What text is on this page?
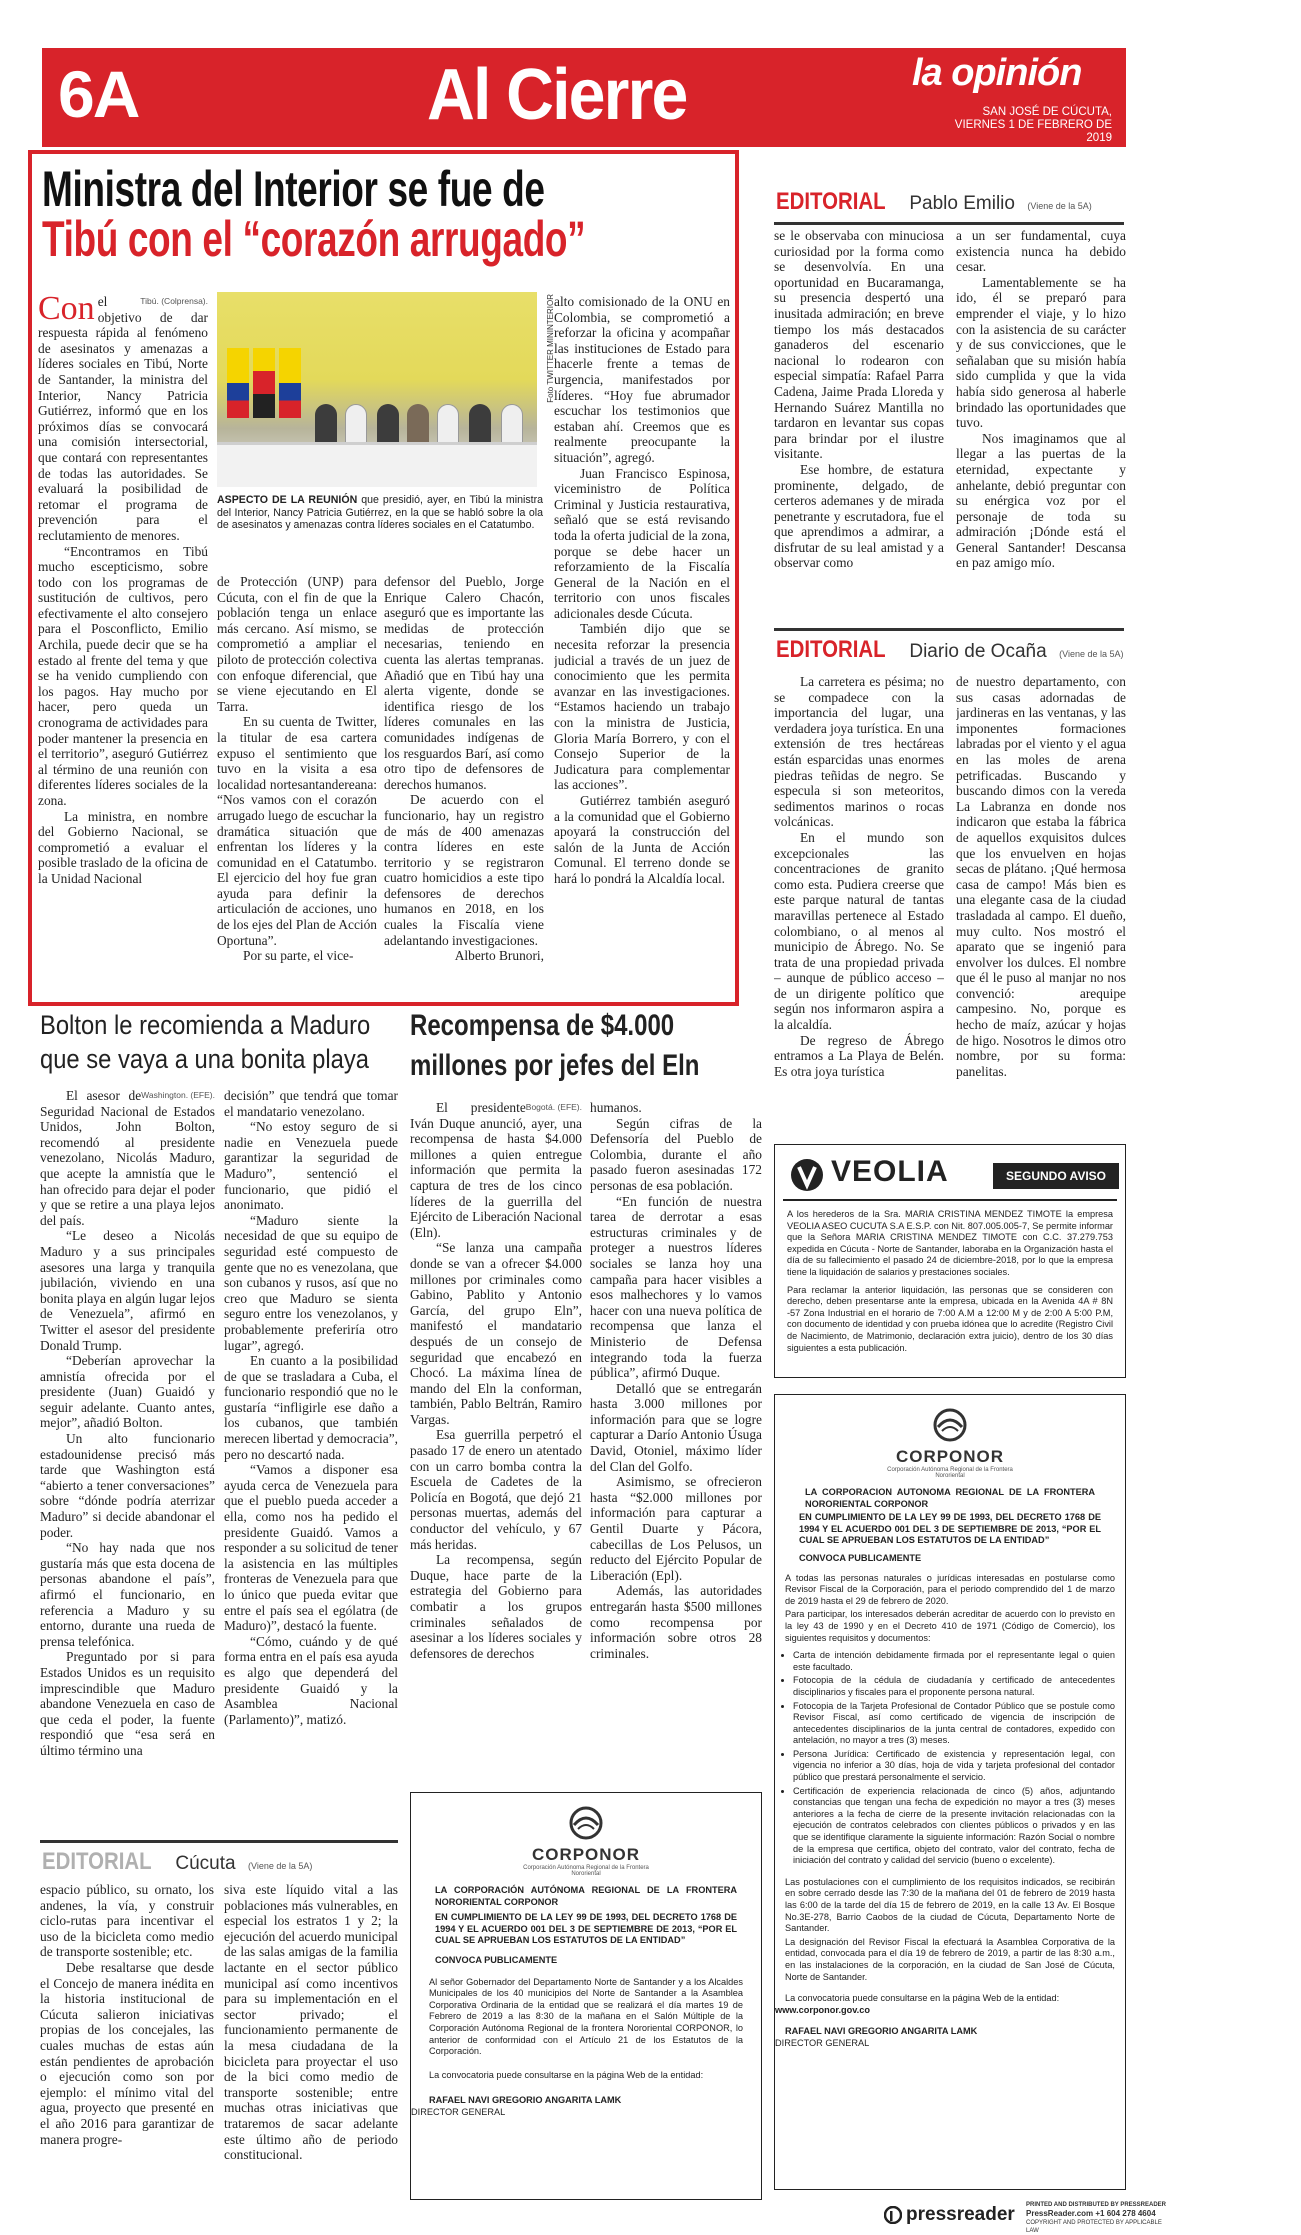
6A	Al Cierre	la opinión
SAN JOSÉ DE CÚCUTA,
VIERNES 1 DE FEBRERO DE 2019
Ministra del Interior se fue de
Tibú con el “corazón arrugado”
Tibú. (Colprensa).

Con el objetivo de dar respuesta rápida al fenómeno de asesinatos y amenazas a líderes sociales en Tibú, Norte de Santander, la ministra del Interior, Nancy Patricia Gutiérrez, informó que en los próximos días se convocará una comisión intersectorial, que contará con representantes de todas las autoridades. Se evaluará la posibilidad de retomar el programa de prevención para el reclutamiento de menores.

“Encontramos en Tibú mucho escepticismo, sobre todo con los programas de sustitución de cultivos, pero efectivamente el alto consejero para el Posconflicto, Emilio Archila, puede decir que se ha estado al frente del tema y que se ha venido cumpliendo con los pagos. Hay mucho por hacer, pero queda un cronograma de actividades para poder mantener la presencia en el territorio”, aseguró Gutiérrez al término de una reunión con diferentes líderes sociales de la zona.

La ministra, en nombre del Gobierno Nacional, se comprometió a evaluar el posible traslado de la oficina de la Unidad Nacional

Foto TWITTER MININTERIOR
ASPECTO DE LA REUNIÓN que presidió, ayer, en Tibú la ministra del Interior, Nancy Patricia Gutiérrez, en la que se habló sobre la ola de asesinatos y amenazas contra líderes sociales en el Catatumbo.

de Protección (UNP) para Cúcuta, con el fin de que la población tenga un enlace más cercano. Así mismo, se comprometió a ampliar el piloto de protección colectiva con enfoque diferencial, que se viene ejecutando en El Tarra.

En su cuenta de Twitter, la titular de esa cartera expuso el sentimiento que tuvo en la visita a esa localidad nortesantandereana: “Nos vamos con el corazón arrugado luego de escuchar la dramática situación que enfrentan los líderes y la comunidad en el Catatumbo. El ejercicio del hoy fue gran ayuda para definir la articulación de acciones, uno de los ejes del Plan de Acción Oportuna”.

Por su parte, el vice-

defensor del Pueblo, Jorge Enrique Calero Chacón, aseguró que es importante las medidas de protección necesarias, teniendo en cuenta las alertas tempranas. Añadió que en Tibú hay una alerta vigente, donde se identifica riesgo de los líderes comunales en las comunidades indígenas de los resguardos Barí, así como otro tipo de defensores de derechos humanos.

De acuerdo con el funcionario, hay un registro de más de 400 amenazas contra líderes en este territorio y se registraron cuatro homicidios a este tipo defensores de derechos humanos en 2018, en los cuales la Fiscalía viene adelantando investigaciones.

Alberto Brunori,

alto comisionado de la ONU en Colombia, se comprometió a reforzar la oficina y acompañar las instituciones de Estado para hacerle frente a temas de urgencia, manifestados por líderes. “Hoy fue abrumador escuchar los testimonios que estaban ahí. Creemos que es realmente preocupante la situación”, agregó.

Juan Francisco Espinosa, viceministro de Política Criminal y Justicia restaurativa, señaló que se está revisando toda la oferta judicial de la zona, porque se debe hacer un reforzamiento de la Fiscalía General de la Nación en el territorio con unos fiscales adicionales desde Cúcuta.

También dijo que se necesita reforzar la presencia judicial a través de un juez de conocimiento que les permita avanzar en las investigaciones. “Estamos haciendo un trabajo con la ministra de Justicia, Gloria María Borrero, y con el Consejo Superior de la Judicatura para complementar las acciones”.

Gutiérrez también aseguró a la comunidad que el Gobierno apoyará la construcción del salón de la Junta de Acción Comunal. El terreno donde se hará lo pondrá la Alcaldía local.

EDITORIAL Pablo Emilio (Viene de la 5A)

se le observaba con minuciosa curiosidad por la forma como se desenvolvía. En una oportunidad en Bucaramanga, su presencia despertó una inusitada admiración; en breve tiempo los más destacados ganaderos del escenario nacional lo rodearon con especial simpatía: Rafael Parra Cadena, Jaime Prada Lloreda y Hernando Suárez Mantilla no tardaron en levantar sus copas para brindar por el ilustre visitante.

Ese hombre, de estatura prominente, delgado, de certeros ademanes y de mirada penetrante y escrutadora, fue el que aprendimos a admirar, a disfrutar de su leal amistad y a observar como

a un ser fundamental, cuya existencia nunca ha debido cesar.

Lamentablemente se ha ido, él se preparó para emprender el viaje, y lo hizo con la asistencia de su carácter y de sus convicciones, que le señalaban que su misión había sido cumplida y que la vida había sido generosa al haberle brindado las oportunidades que tuvo.

Nos imaginamos que al llegar a las puertas de la eternidad, expectante y anhelante, debió preguntar con su enérgica voz por el personaje de toda su admiración ¡Dónde está el General Santander! Descansa en paz amigo mío.

EDITORIAL Diario de Ocaña (Viene de la 5A)

La carretera es pésima; no se compadece con la importancia del lugar, una verdadera joya turística. En una extensión de tres hectáreas están esparcidas unas enormes piedras teñidas de negro. Se especula si son meteoritos, sedimentos marinos o rocas volcánicas.

En el mundo son excepcionales las concentraciones de granito como esta. Pudiera creerse que este parque natural de tantas maravillas pertenece al Estado colombiano, o al menos al municipio de Ábrego. No. Se trata de una propiedad privada – aunque de público acceso – de un dirigente político que según nos informaron aspira a la alcaldía.

De regreso de Ábrego entramos a La Playa de Belén. Es otra joya turística

de nuestro departamento, con sus casas adornadas de jardineras en las ventanas, y las imponentes formaciones labradas por el viento y el agua en las moles de arena petrificadas. Buscando y buscando dimos con la vereda La Labranza en donde nos indicaron que estaba la fábrica de aquellos exquisitos dulces que los envuelven en hojas secas de plátano. ¡Qué hermosa casa de campo! Más bien es una elegante casa de la ciudad trasladada al campo. El dueño, muy culto. Nos mostró el aparato que se ingenió para envolver los dulces. El nombre que él le puso al manjar no nos convenció: arequipe campesino. No, porque es hecho de maíz, azúcar y hojas de higo. Nosotros le dimos otro nombre, por su forma: panelitas.

Bolton le recomienda a Maduro
que se vaya a una bonita playa
Washington. (EFE).

El asesor de Seguridad Nacional de Estados Unidos, John Bolton, recomendó al presidente venezolano, Nicolás Maduro, que acepte la amnistía que le han ofrecido para dejar el poder y que se retire a una playa lejos del país.

“Le deseo a Nicolás Maduro y a sus principales asesores una larga y tranquila jubilación, viviendo en una bonita playa en algún lugar lejos de Venezuela”, afirmó en Twitter el asesor del presidente Donald Trump.

“Deberían aprovechar la amnistía ofrecida por el presidente (Juan) Guaidó y seguir adelante. Cuanto antes, mejor”, añadió Bolton.

Un alto funcionario estadounidense precisó más tarde que Washington está “abierto a tener conversaciones” sobre “dónde podría aterrizar Maduro” si decide abandonar el poder.

“No hay nada que nos gustaría más que esta docena de personas abandone el país”, afirmó el funcionario, en referencia a Maduro y su entorno, durante una rueda de prensa telefónica.

Preguntado por si para Estados Unidos es un requisito imprescindible que Maduro abandone Venezuela en caso de que ceda el poder, la fuente respondió que “esa será en último término una

decisión” que tendrá que tomar el mandatario venezolano.

“No estoy seguro de si nadie en Venezuela puede garantizar la seguridad de Maduro”, sentenció el funcionario, que pidió el anonimato.

“Maduro siente la necesidad de que su equipo de seguridad esté compuesto de gente que no es venezolana, que son cubanos y rusos, así que no creo que Maduro se sienta seguro entre los venezolanos, y probablemente preferiría otro lugar”, agregó.

En cuanto a la posibilidad de que se trasladara a Cuba, el funcionario respondió que no le gustaría “infligirle ese daño a los cubanos, que también merecen libertad y democracia”, pero no descartó nada.

“Vamos a disponer esa ayuda cerca de Venezuela para que el pueblo pueda acceder a ella, como nos ha pedido el presidente Guaidó. Vamos a responder a su solicitud de tener la asistencia en las múltiples fronteras de Venezuela para que lo único que pueda evitar que entre el país sea el ególatra (de Maduro)”, destacó la fuente.

“Cómo, cuándo y de qué forma entra en el país esa ayuda es algo que dependerá del presidente Guaidó y la Asamblea Nacional (Parlamento)”, matizó.

Recompensa de $4.000
millones por jefes del Eln
Bogotá. (EFE).

El presidente Iván Duque anunció, ayer, una recompensa de hasta $4.000 millones a quien entregue información que permita la captura de tres de los cinco líderes de la guerrilla del Ejército de Liberación Nacional (Eln).

“Se lanza una campaña donde se van a ofrecer $4.000 millones por criminales como Gabino, Pablito y Antonio García, del grupo Eln”, manifestó el mandatario después de un consejo de seguridad que encabezó en Chocó. La máxima línea de mando del Eln la conforman, también, Pablo Beltrán, Ramiro Vargas.

Esa guerrilla perpetró el pasado 17 de enero un atentado con un carro bomba contra la Escuela de Cadetes de la Policía en Bogotá, que dejó 21 personas muertas, además del conductor del vehículo, y 67 más heridas.

La recompensa, según Duque, hace parte de la estrategia del Gobierno para combatir a los grupos criminales señalados de asesinar a los líderes sociales y defensores de derechos

humanos.

Según cifras de la Defensoría del Pueblo de Colombia, durante el año pasado fueron asesinadas 172 personas de esa población.

“En función de nuestra tarea de derrotar a esas estructuras criminales y de proteger a nuestros líderes sociales se lanza hoy una campaña para hacer visibles a esos malhechores y lo vamos hacer con una nueva política de recompensa que lanza el Ministerio de Defensa integrando toda la fuerza pública”, afirmó Duque.

Detalló que se entregarán hasta 3.000 millones por información para que se logre capturar a Darío Antonio Úsuga David, Otoniel, máximo líder del Clan del Golfo.

Asimismo, se ofrecieron hasta “$2.000 millones por información para capturar a Gentil Duarte y Pácora, cabecillas de Los Pelusos, un reducto del Ejército Popular de Liberación (Epl).

Además, las autoridades entregarán hasta $500 millones como recompensa por información sobre otros 28 criminales.

EDITORIAL Cúcuta (Viene de la 5A)

espacio público, su ornato, los andenes, la vía, y construir ciclo-rutas para incentivar el uso de la bicicleta como medio de transporte sostenible; etc.

Debe resaltarse que desde el Concejo de manera inédita en la historia institucional de Cúcuta salieron iniciativas propias de los concejales, las cuales muchas de estas aún están pendientes de aprobación o ejecución como son por ejemplo: el mínimo vital del agua, proyecto que presenté en el año 2016 para garantizar de manera progre-

siva este líquido vital a las poblaciones más vulnerables, en especial los estratos 1 y 2; la ejecución del acuerdo municipal de las salas amigas de la familia lactante en el sector público municipal así como incentivos para su implementación en el sector privado; el funcionamiento permanente de la mesa ciudadana de la bicicleta para proyectar el uso de la bici como medio de transporte sostenible; entre muchas otras iniciativas que trataremos de sacar adelante este último año de periodo constitucional.

CORPONOR
Corporación Autónoma Regional de la Frontera Nororiental
LA CORPORACIÓN AUTÓNOMA REGIONAL DE LA FRONTERA NORORIENTAL CORPONOR
EN CUMPLIMIENTO DE LA LEY 99 DE 1993, DEL DECRETO 1768 DE 1994 Y EL ACUERDO 001 DEL 3 DE SEPTIEMBRE DE 2013, “POR EL CUAL SE APRUEBAN LOS ESTATUTOS DE LA ENTIDAD”
CONVOCA PUBLICAMENTE
Al señor Gobernador del Departamento Norte de Santander y a los Alcaldes Municipales de los 40 municipios del Norte de Santander a la Asamblea Corporativa Ordinaria de la entidad que se realizará el día martes 19 de Febrero de 2019 a las 8:30 de la mañana en el Salón Múltiple de la Corporación Autónoma Regional de la frontera Nororiental CORPONOR, lo anterior de conformidad con el Artículo 21 de los Estatutos de la Corporación.
La convocatoria puede consultarse en la página Web de la entidad:
RAFAEL NAVI GREGORIO ANGARITA LAMK
DIRECTOR GENERAL
VEOLIA	SEGUNDO AVISO
A los herederos de la Sra. MARIA CRISTINA MENDEZ TIMOTE la empresa VEOLIA ASEO CUCUTA S.A E.S.P. con Nit. 807.005.005-7, Se permite informar que la Señora MARIA CRISTINA MENDEZ TIMOTE con C.C. 37.279.753 expedida en Cúcuta - Norte de Santander, laboraba en la Organización hasta el día de su fallecimiento el pasado 24 de diciembre-2018, por lo que la empresa tiene la liquidación de salarios y prestaciones sociales.
Para reclamar la anterior liquidación, las personas que se consideren con derecho, deben presentarse ante la empresa, ubicada en la Avenida 4A # 8N -57 Zona Industrial en el horario de 7:00 A.M a 12:00 M y de 2:00 A 5:00 P.M, con documento de identidad y con prueba idónea que lo acredite (Registro Civil de Nacimiento, de Matrimonio, declaración extra juicio), dentro de los 30 días siguientes a esta publicación.
CORPONOR
Corporación Autónoma Regional de la Frontera Nororiental
LA CORPORACION AUTONOMA REGIONAL DE LA FRONTERA NORORIENTAL CORPONOR
EN CUMPLIMIENTO DE LA LEY 99 DE 1993, DEL DECRETO 1768 DE 1994 Y EL ACUERDO 001 DEL 3 DE SEPTIEMBRE DE 2013, “POR EL CUAL SE APRUEBAN LOS ESTATUTOS DE LA ENTIDAD”
CONVOCA PUBLICAMENTE
A todas las personas naturales o jurídicas interesadas en postularse como Revisor Fiscal de la Corporación, para el periodo comprendido del 1 de marzo de 2019 hasta el 29 de febrero de 2020.
Para participar, los interesados deberán acreditar de acuerdo con lo previsto en la ley 43 de 1990 y en el Decreto 410 de 1971 (Código de Comercio), los siguientes requisitos y documentos:
• Carta de intención debidamente firmada por el representante legal o quien este facultado.
• Fotocopia de la cédula de ciudadanía y certificado de antecedentes disciplinarios y fiscales para el proponente persona natural.
• Fotocopia de la Tarjeta Profesional de Contador Público que se postule como Revisor Fiscal, así como certificado de vigencia de inscripción de antecedentes disciplinarios de la junta central de contadores, expedido con antelación, no mayor a tres (3) meses.
• Persona Jurídica: Certificado de existencia y representación legal, con vigencia no inferior a 30 días, hoja de vida y tarjeta profesional del contador público que prestará personalmente el servicio.
• Certificación de experiencia relacionada de cinco (5) años, adjuntando constancias que tengan una fecha de expedición no mayor a tres (3) meses anteriores a la fecha de cierre de la presente invitación relacionadas con la ejecución de contratos celebrados con clientes públicos o privados y en las que se identifique claramente la siguiente información: Razón Social o nombre de la empresa que certifica, objeto del contrato, valor del contrato, fecha de iniciación del contrato y calidad del servicio (bueno o excelente).
Las postulaciones con el cumplimiento de los requisitos indicados, se recibirán en sobre cerrado desde las 7:30 de la mañana del 01 de febrero de 2019 hasta las 6:00 de la tarde del día 15 de febrero de 2019, en la calle 13 Av. El Bosque No.3E-278, Barrio Caobos de la ciudad de Cúcuta, Departamento Norte de Santander.
La designación del Revisor Fiscal la efectuará la Asamblea Corporativa de la entidad, convocada para el día 19 de febrero de 2019, a partir de las 8:30 a.m., en las instalaciones de la corporación, en la ciudad de San José de Cúcuta, Norte de Santander.
La convocatoria puede consultarse en la página Web de la entidad:
www.corponor.gov.co
RAFAEL NAVI GREGORIO ANGARITA LAMK
DIRECTOR GENERAL
pressreader PRINTED AND DISTRIBUTED BY PRESSREADER
PressReader.com +1 604 278 4604
COPYRIGHT AND PROTECTED BY APPLICABLE LAW
